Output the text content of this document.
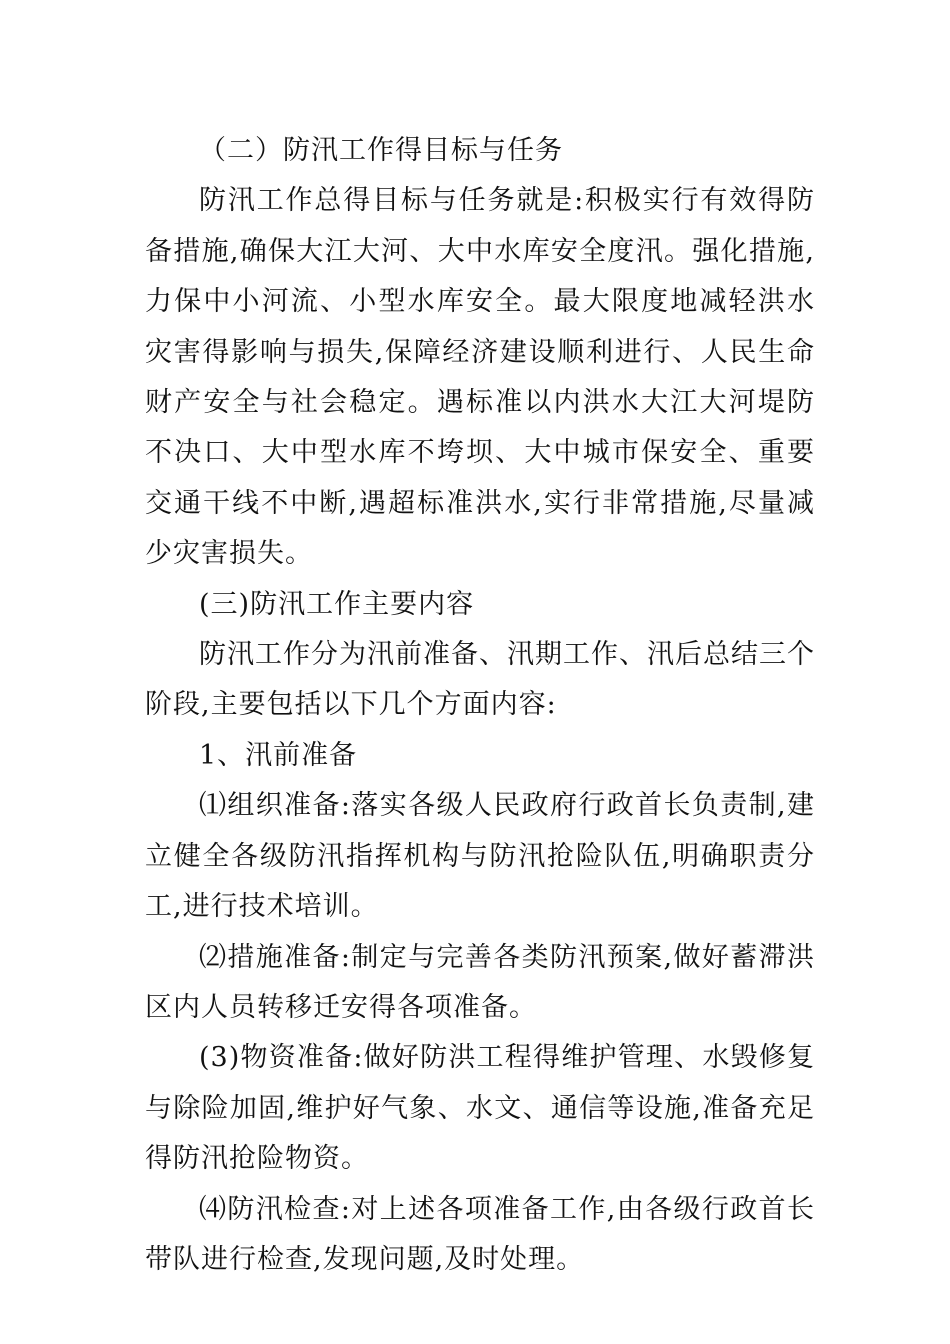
（二）防汛工作得目标与任务

防汛工作总得目标与任务就是:积极实行有效得防备措施,确保大江大河、大中水库安全度汛。强化措施,力保中小河流、小型水库安全。最大限度地减轻洪水灾害得影响与损失,保障经济建设顺利进行、人民生命财产安全与社会稳定。遇标准以内洪水大江大河堤防不决口、大中型水库不垮坝、大中城市保安全、重要交通干线不中断,遇超标准洪水,实行非常措施,尽量减少灾害损失。

(三)防汛工作主要内容

防汛工作分为汛前准备、汛期工作、汛后总结三个阶段,主要包括以下几个方面内容:

1、汛前准备

⑴组织准备:落实各级人民政府行政首长负责制,建立健全各级防汛指挥机构与防汛抢险队伍,明确职责分工,进行技术培训。

⑵措施准备:制定与完善各类防汛预案,做好蓄滞洪区内人员转移迁安得各项准备。

(3)物资准备:做好防洪工程得维护管理、水毁修复与除险加固,维护好气象、水文、通信等设施,准备充足得防汛抢险物资。

⑷防汛检查:对上述各项准备工作,由各级行政首长带队进行检查,发现问题,及时处理。
